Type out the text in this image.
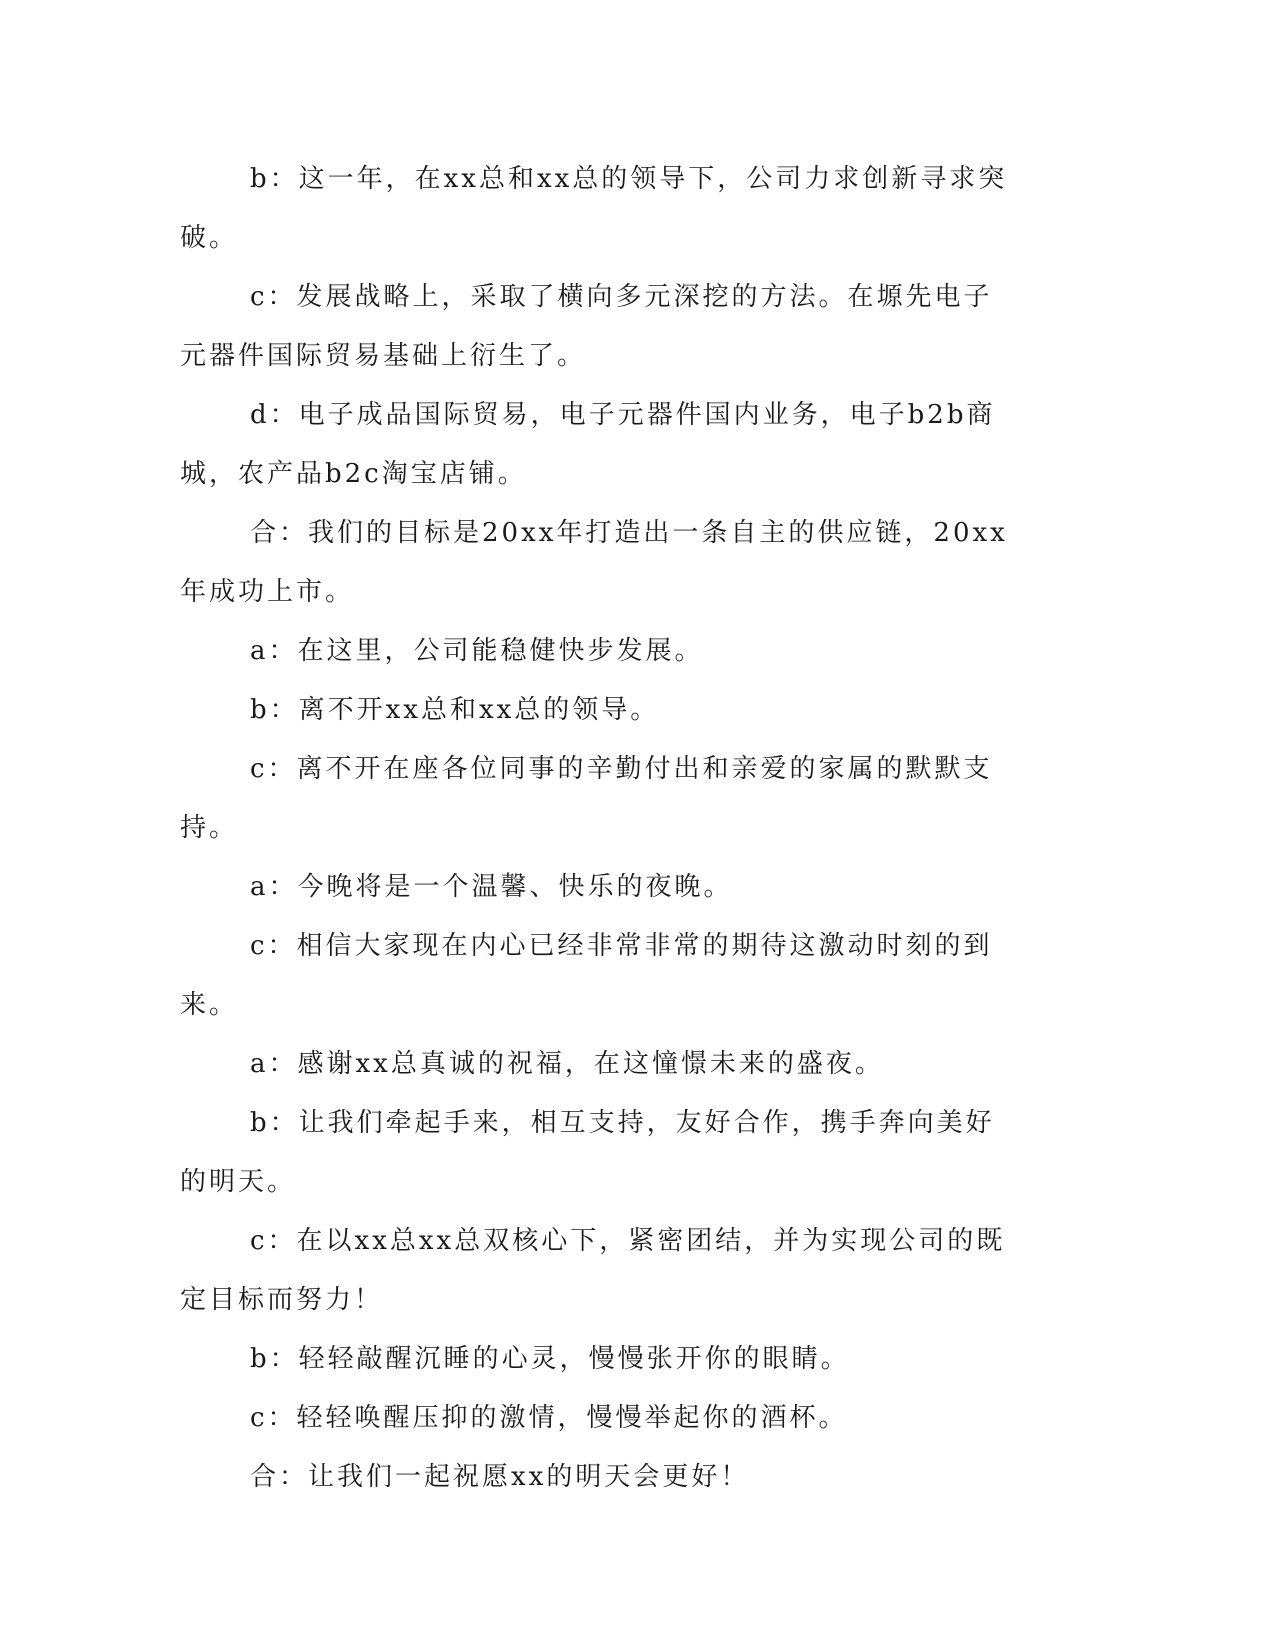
b：这一年，在xx总和xx总的领导下，公司力求创新寻求突破。

c：发展战略上，采取了横向多元深挖的方法。在塬先电子元器件国际贸易基础上衍生了。

d：电子成品国际贸易，电子元器件国内业务，电子b2b商城，农产品b2c淘宝店铺。

合：我们的目标是20xx年打造出一条自主的供应链，20xx年成功上市。

a：在这里，公司能稳健快步发展。

b：离不开xx总和xx总的领导。

c：离不开在座各位同事的辛勤付出和亲爱的家属的默默支持。

a：今晚将是一个温馨、快乐的夜晚。

c：相信大家现在内心已经非常非常的期待这激动时刻的到来。

a：感谢xx总真诚的祝福，在这憧憬未来的盛夜。

b：让我们牵起手来，相互支持，友好合作，携手奔向美好的明天。

c：在以xx总xx总双核心下，紧密团结，并为实现公司的既定目标而努力！

b：轻轻敲醒沉睡的心灵，慢慢张开你的眼睛。

c：轻轻唤醒压抑的激情，慢慢举起你的酒杯。

合：让我们一起祝愿xx的明天会更好！
